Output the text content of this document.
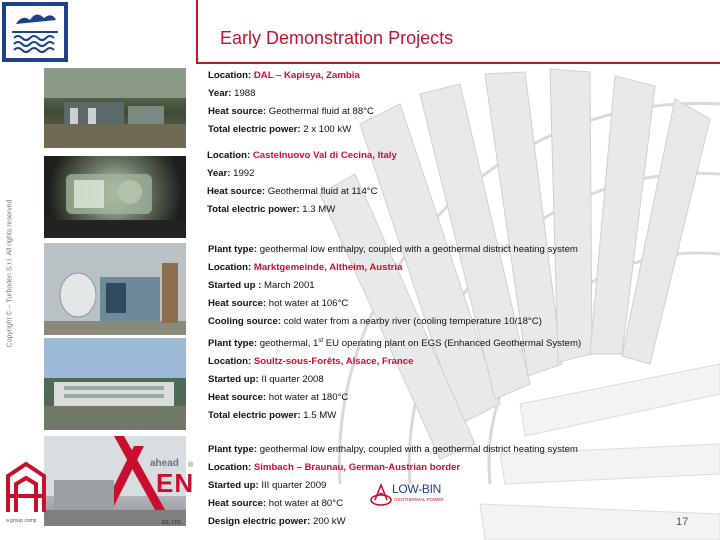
Early Demonstration Projects
Copyright © – Turboden S.r.l. All rights reserved
a group comp
ahead ®
EN
ES, LTD.

Location: DAL – Kapisya, Zambia

Year: 1988

Heat source: Geothermal fluid at 88°C

Total electric power: 2 x 100 kW

Location: Castelnuovo Val di Cecina, Italy

Year: 1992

Heat source: Geothermal fluid at 114°C

Total electric power: 1.3 MW

Plant type: geothermal low enthalpy, coupled with a geothermal district heating system

Location: Marktgemeinde, Altheim, Austria

Started up : March 2001

Heat source: hot water at 106°C

Cooling source: cold water from a nearby river (cooling temperature 10/18°C)

Plant type: geothermal, 1st EU operating plant on EGS (Enhanced Geothermal System)

Location: Soultz-sous-Forêts, Alsace, France

Started up: II quarter 2008

Heat source: hot water at 180°C

Total electric power: 1.5 MW

Plant type: geothermal low enthalpy, coupled with a geothermal district heating system

Location: Simbach – Braunau, German-Austrian border

Started up: III quarter 2009

Heat source: hot water at 80°C

Design electric power: 200 kW

LOW-BIN
GEOTHERMAL POWER
17
